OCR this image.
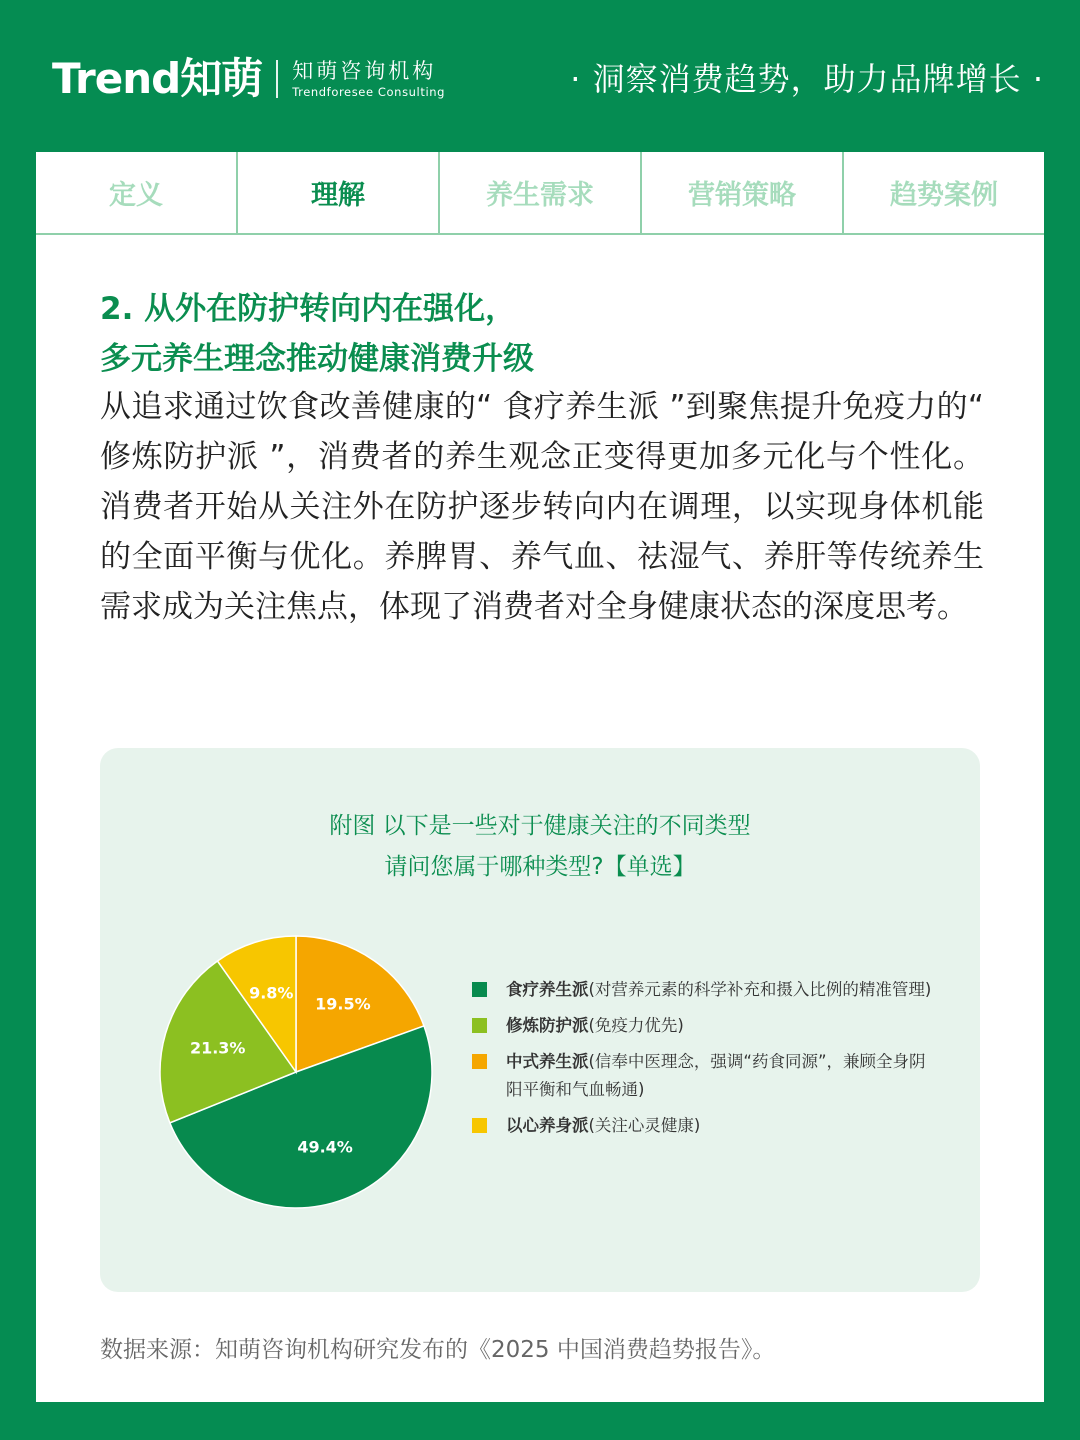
Trend知萌 知萌咨询机构
Trendforesee Consulting	· 洞察消费趋势，助力品牌增长 ·
定义	理解	养生需求	营销策略	趋势案例
2. 从外在防护转向内在强化，
多元养生理念推动健康消费升级
从追求通过饮食改善健康的“ 食疗养生派 ”到聚焦提升免疫力的“ 修炼防护派 ”，消费者的养生观念正变得更加多元化与个性化。消费者开始从关注外在防护逐步转向内在调理，以实现身体机能的全面平衡与优化。养脾胃、养气血、祛湿气、养肝等传统养生需求成为关注焦点，体现了消费者对全身健康状态的深度思考。
附图 以下是一些对于健康关注的不同类型
请问您属于哪种类型?【单选】
19.5%
49.4%
21.3%
9.8%	食疗养生派(对营养元素的科学补充和摄入比例的精准管理)
修炼防护派(免疫力优先)
中式养生派(信奉中医理念，强调“药食同源”，兼顾全身阴阳平衡和气血畅通)
以心养身派(关注心灵健康)
数据来源：知萌咨询机构研究发布的《2025 中国消费趋势报告》。
